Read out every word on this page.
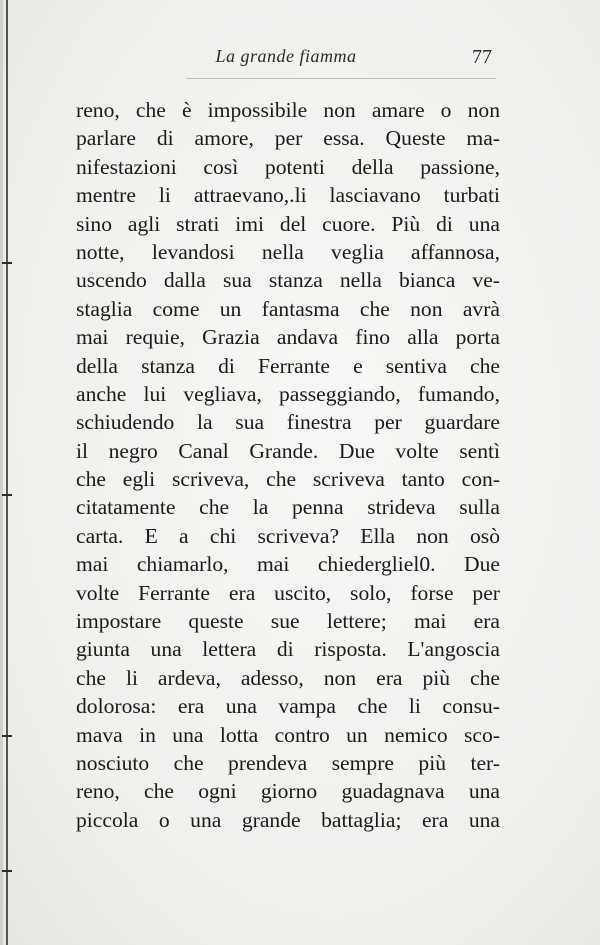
La grande fiamma	77
reno, che è impossibile non amare o non
parlare di amore, per essa. Queste ma-
nifestazioni così potenti della passione,
mentre li attraevano,.li lasciavano turbati
sino agli strati imi del cuore. Più di una
notte, levandosi nella veglia affannosa,
uscendo dalla sua stanza nella bianca ve-
staglia come un fantasma che non avrà
mai requie, Grazia andava fino alla porta
della stanza di Ferrante e sentiva che
anche lui vegliava, passeggiando, fumando,
schiudendo la sua finestra per guardare
il negro Canal Grande. Due volte sentì
che egli scriveva, che scriveva tanto con-
citatamente che la penna strideva sulla
carta. E a chi scriveva? Ella non osò
mai chiamarlo, mai chiedergliel0. Due
volte Ferrante era uscito, solo, forse per
impostare queste sue lettere; mai era
giunta una lettera di risposta. L'angoscia
che li ardeva, adesso, non era più che
dolorosa: era una vampa che li consu-
mava in una lotta contro un nemico sco-
nosciuto che prendeva sempre più ter-
reno, che ogni giorno guadagnava una
piccola o una grande battaglia; era una
